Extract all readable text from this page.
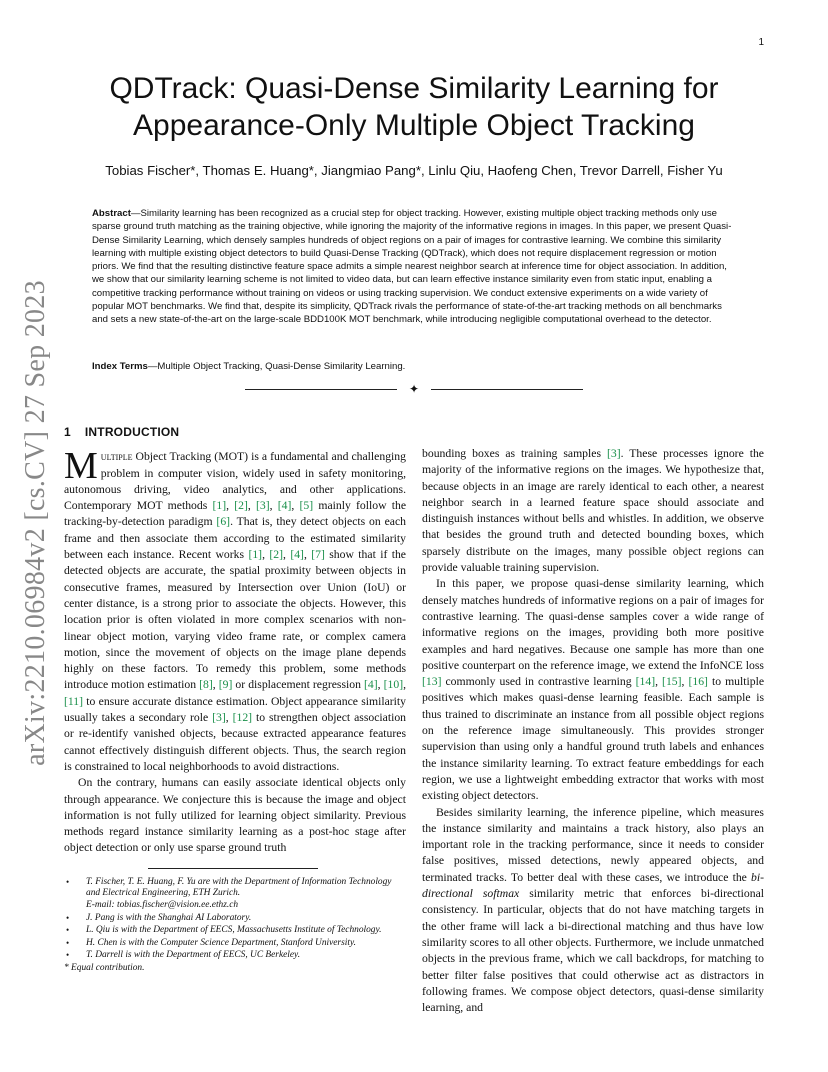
1
arXiv:2210.06984v2 [cs.CV] 27 Sep 2023
QDTrack: Quasi-Dense Similarity Learning for
Appearance-Only Multiple Object Tracking
Tobias Fischer*, Thomas E. Huang*, Jiangmiao Pang*, Linlu Qiu, Haofeng Chen, Trevor Darrell, Fisher Yu

Abstract—Similarity learning has been recognized as a crucial step for object tracking. However, existing multiple object tracking methods only use sparse ground truth matching as the training objective, while ignoring the majority of the informative regions in images. In this paper, we present Quasi-Dense Similarity Learning, which densely samples hundreds of object regions on a pair of images for contrastive learning. We combine this similarity learning with multiple existing object detectors to build Quasi-Dense Tracking (QDTrack), which does not require displacement regression or motion priors. We find that the resulting distinctive feature space admits a simple nearest neighbor search at inference time for object association. In addition, we show that our similarity learning scheme is not limited to video data, but can learn effective instance similarity even from static input, enabling a competitive tracking performance without training on videos or using tracking supervision. We conduct extensive experiments on a wide variety of popular MOT benchmarks. We find that, despite its simplicity, QDTrack rivals the performance of state-of-the-art tracking methods on all benchmarks and sets a new state-of-the-art on the large-scale BDD100K MOT benchmark, while introducing negligible computational overhead to the detector.

Index Terms—Multiple Object Tracking, Quasi-Dense Similarity Learning.

✦
1 INTRODUCTION

Multiple Object Tracking (MOT) is a fundamental and challenging problem in computer vision, widely used in safety monitoring, autonomous driving, video analytics, and other applications. Contemporary MOT methods [1], [2], [3], [4], [5] mainly follow the tracking-by-detection paradigm [6]. That is, they detect objects on each frame and then associate them according to the estimated similarity between each instance. Recent works [1], [2], [4], [7] show that if the detected objects are accurate, the spatial proximity between objects in consecutive frames, measured by Intersection over Union (IoU) or center distance, is a strong prior to associate the objects. However, this location prior is often violated in more complex scenarios with non-linear object motion, varying video frame rate, or complex camera motion, since the movement of objects on the image plane depends highly on these factors. To remedy this problem, some methods introduce motion estimation [8], [9] or displacement regression [4], [10], [11] to ensure accurate distance estimation. Object appearance similarity usually takes a secondary role [3], [12] to strengthen object association or re-identify vanished objects, because extracted appearance features cannot effectively distinguish different objects. Thus, the search region is constrained to local neighborhoods to avoid distractions.

On the contrary, humans can easily associate identical objects only through appearance. We conjecture this is because the image and object information is not fully utilized for learning object similarity. Previous methods regard instance similarity learning as a post-hoc stage after object detection or only use sparse ground truth

• T. Fischer, T. E. Huang, F. Yu are with the Department of Information Technology and Electrical Engineering, ETH Zurich.
E-mail: tobias.fischer@vision.ee.ethz.ch
• J. Pang is with the Shanghai AI Laboratory.
• L. Qiu is with the Department of EECS, Massachusetts Institute of Technology.
• H. Chen is with the Computer Science Department, Stanford University.
• T. Darrell is with the Department of EECS, UC Berkeley.
* Equal contribution.

bounding boxes as training samples [3]. These processes ignore the majority of the informative regions on the images. We hypothesize that, because objects in an image are rarely identical to each other, a nearest neighbor search in a learned feature space should associate and distinguish instances without bells and whistles. In addition, we observe that besides the ground truth and detected bounding boxes, which sparsely distribute on the images, many possible object regions can provide valuable training supervision.

In this paper, we propose quasi-dense similarity learning, which densely matches hundreds of informative regions on a pair of images for contrastive learning. The quasi-dense samples cover a wide range of informative regions on the images, providing both more positive examples and hard negatives. Because one sample has more than one positive counterpart on the reference image, we extend the InfoNCE loss [13] commonly used in contrastive learning [14], [15], [16] to multiple positives which makes quasi-dense learning feasible. Each sample is thus trained to discriminate an instance from all possible object regions on the reference image simultaneously. This provides stronger supervision than using only a handful ground truth labels and enhances the instance similarity learning. To extract feature embeddings for each region, we use a lightweight embedding extractor that works with most existing object detectors.

Besides similarity learning, the inference pipeline, which measures the instance similarity and maintains a track history, also plays an important role in the tracking performance, since it needs to consider false positives, missed detections, newly appeared objects, and terminated tracks. To better deal with these cases, we introduce the bi-directional softmax similarity metric that enforces bi-directional consistency. In particular, objects that do not have matching targets in the other frame will lack a bi-directional matching and thus have low similarity scores to all other objects. Furthermore, we include unmatched objects in the previous frame, which we call backdrops, for matching to better filter false positives that could otherwise act as distractors in following frames. We compose object detectors, quasi-dense similarity learning, and
